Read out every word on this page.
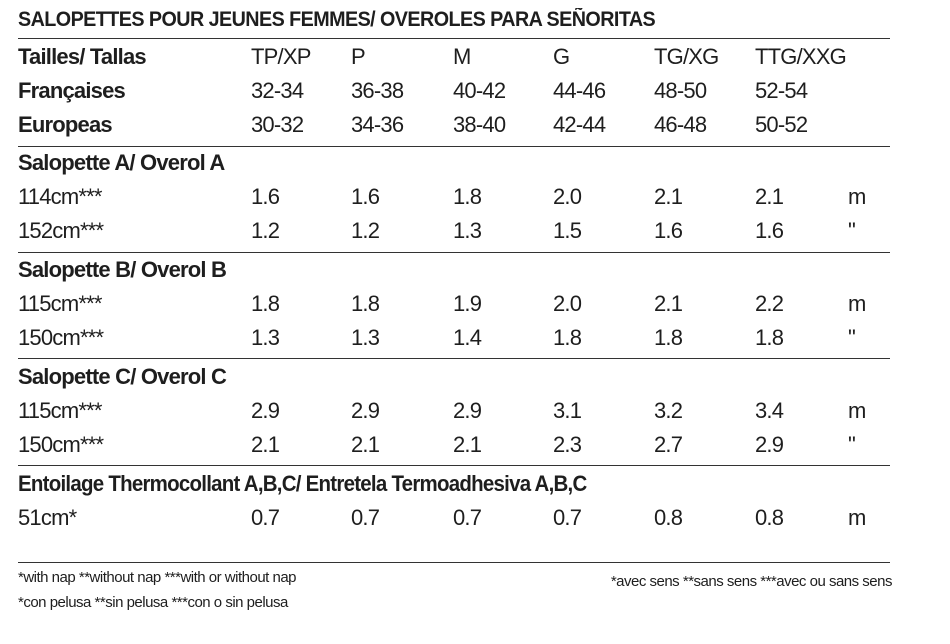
SALOPETTES POUR JEUNES FEMMES/ OVEROLES PARA SEÑORITAS
Tailles/ Tallas	TP/XP P	M	G	TG/XG TTG/XXG
Françaises	32-34 36-38 40-42 44-46 48-50 52-54
Europeas	30-32 34-36 38-40 42-44 46-48 50-52
Salopette A/ Overol A
114cm***	1.6	1.6	1.8	2.0	2.1	2.1	m
152cm***	1.2	1.2	1.3	1.5	1.6	1.6	"
Salopette B/ Overol B
115cm***	1.8	1.8	1.9	2.0	2.1	2.2	m
150cm***	1.3	1.3	1.4	1.8	1.8	1.8	"
Salopette C/ Overol C
115cm***	2.9	2.9	2.9	3.1	3.2	3.4	m
150cm***	2.1	2.1	2.1	2.3	2.7	2.9	"
Entoilage Thermocollant A,B,C/ Entretela Termoadhesiva A,B,C
51cm*	0.7	0.7	0.7	0.7	0.8	0.8	m
*with nap **without nap ***with or without nap
*con pelusa **sin pelusa ***con o sin pelusa
*avec sens **sans sens ***avec ou sans sens
